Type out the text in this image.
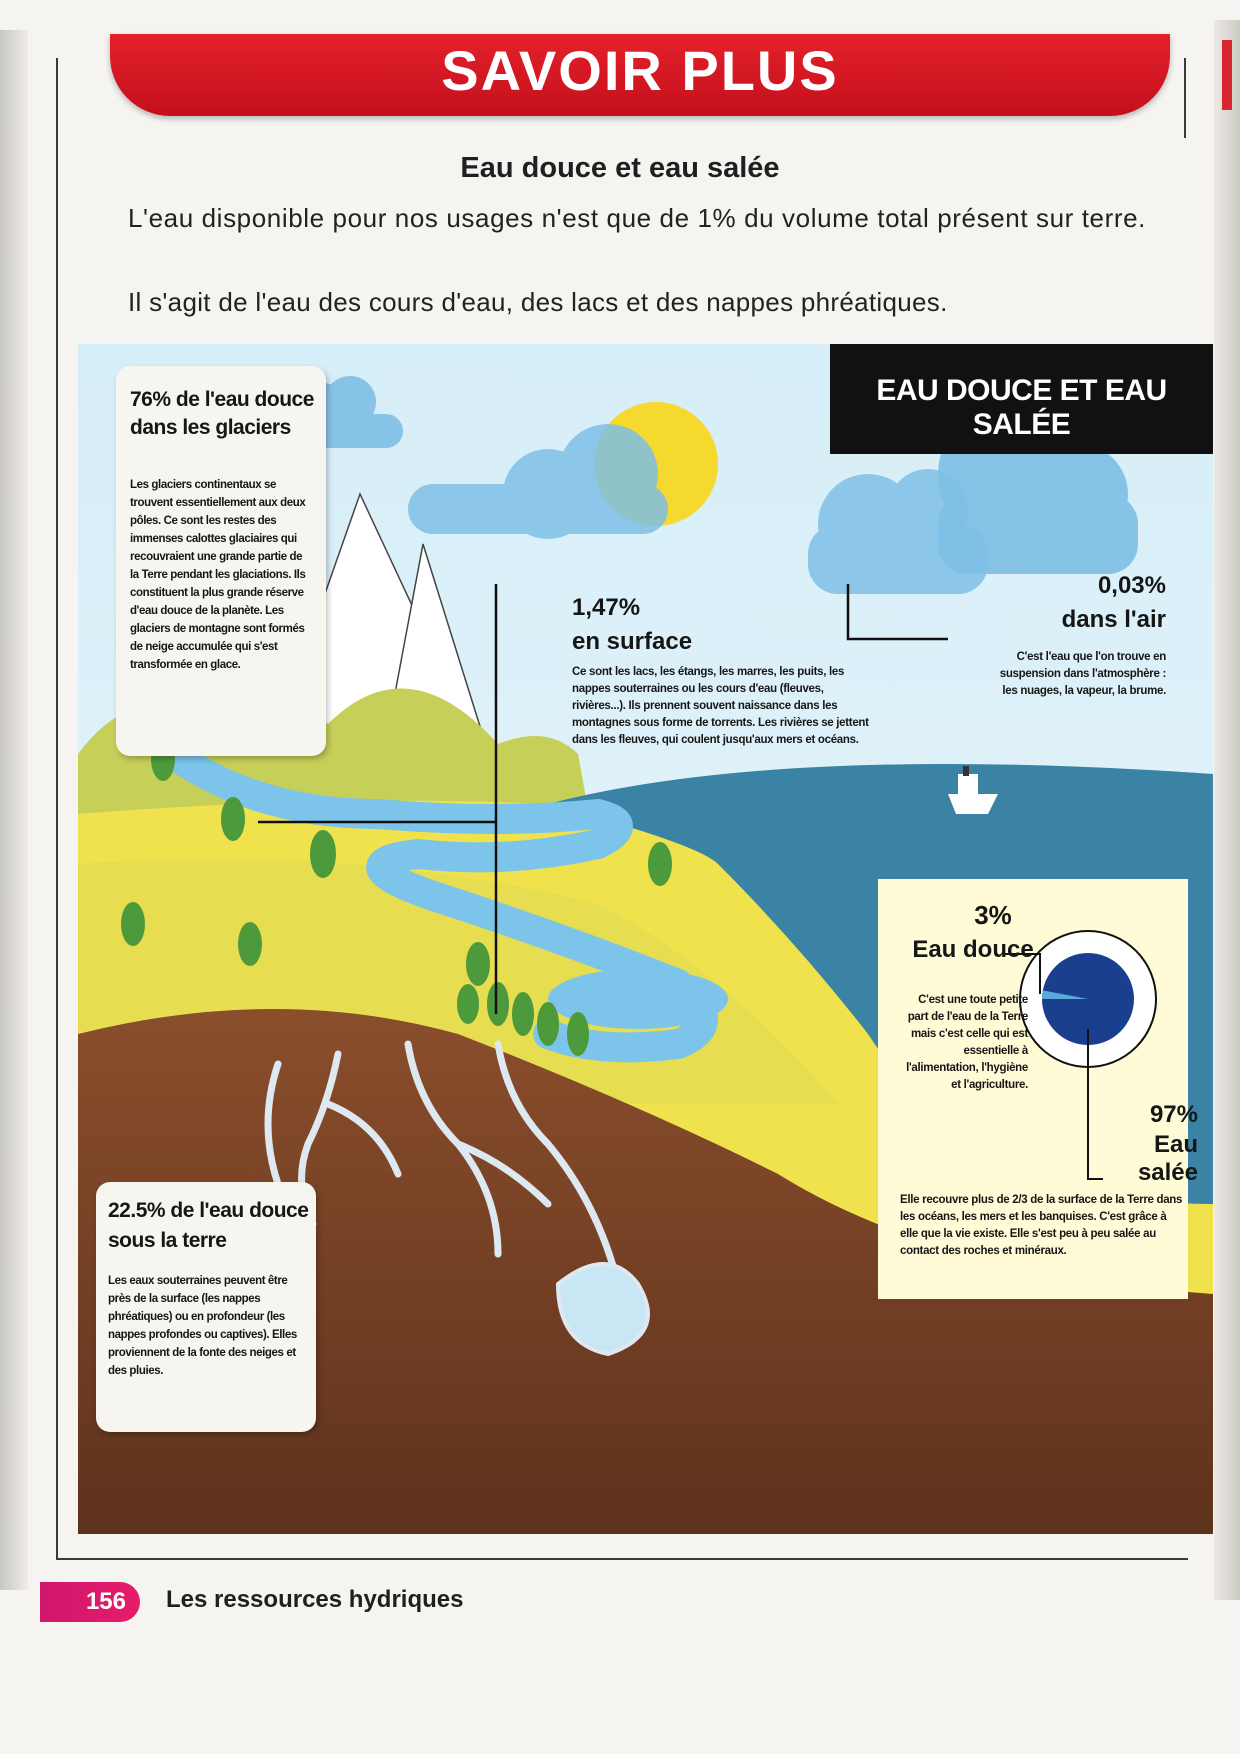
SAVOIR PLUS
Eau douce et eau salée
L'eau disponible pour nos usages n'est que de 1% du volume total présent sur terre.
Il s'agit de l'eau des cours d'eau, des lacs et des nappes phréatiques.
76% de l'eau douce dans les glaciers
Les glaciers continentaux se trouvent essentiellement aux deux pôles. Ce sont les restes des immenses calottes glaciaires qui recouvraient une grande partie de la Terre pendant les glaciations. Ils constituent la plus grande réserve d'eau douce de la planète. Les glaciers de montagne sont formés de neige accumulée qui s'est transformée en glace.
EAU DOUCE ET EAU SALÉE
1,47%
en surface
Ce sont les lacs, les étangs, les marres, les puits, les nappes souterraines ou les cours d'eau (fleuves, rivières...). Ils prennent souvent naissance dans les montagnes sous forme de torrents. Les rivières se jettent dans les fleuves, qui coulent jusqu'aux mers et océans.
0,03%
dans l'air
C'est l'eau que l'on trouve en suspension dans l'atmosphère : les nuages, la vapeur, la brume.
22.5% de l'eau douce sous la terre
Les eaux souterraines peuvent être près de la surface (les nappes phréatiques) ou en profondeur (les nappes profondes ou captives). Elles proviennent de la fonte des neiges et des pluies.
3%
Eau douce
C'est une toute petite part de l'eau de la Terre mais c'est celle qui est essentielle à l'alimentation, l'hygiène et l'agriculture.
97%
Eau salée
Elle recouvre plus de 2/3 de la surface de la Terre dans les océans, les mers et les banquises. C'est grâce à elle que la vie existe. Elle s'est peu à peu salée au contact des roches et minéraux.
156	Les ressources hydriques
